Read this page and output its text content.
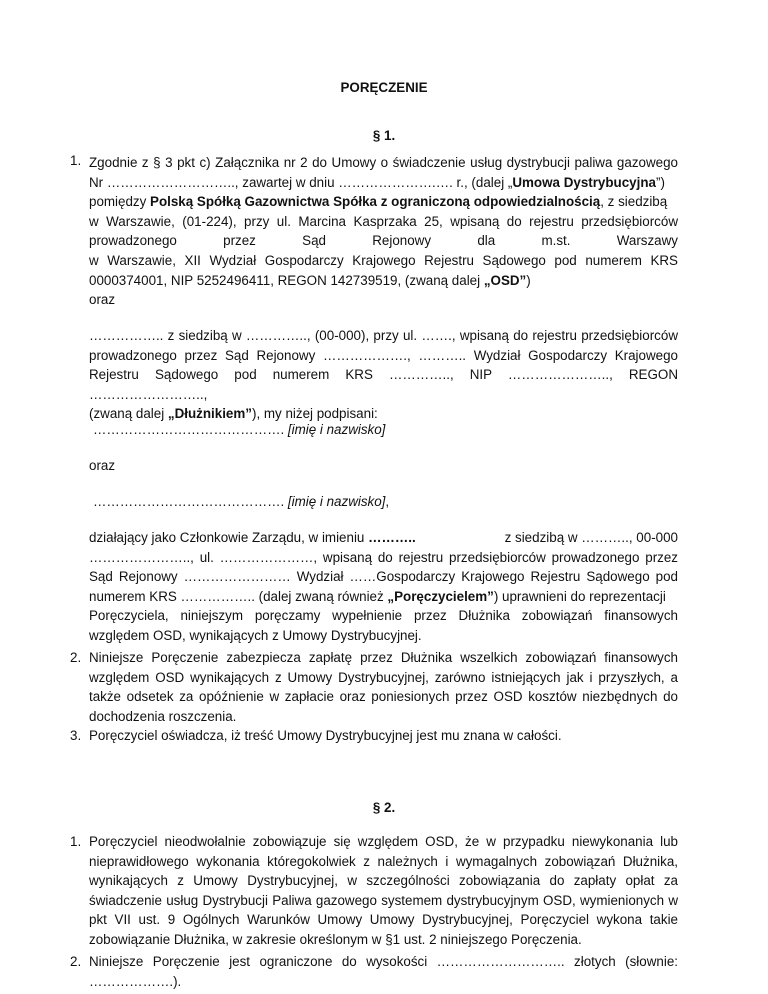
PORĘCZENIE
§ 1.
1. Zgodnie z § 3 pkt c) Załącznika nr 2 do Umowy o świadczenie usług dystrybucji paliwa gazowego
Nr ……………………….., zawartej w dniu ………………….…. r., (dalej „Umowa Dystrybucyjna”)
pomiędzy Polską Spółką Gazownictwa Spółka z ograniczoną odpowiedzialnością, z siedzibą
w Warszawie, (01-224), przy ul. Marcina Kasprzaka 25, wpisaną do rejestru przedsiębiorców
prowadzonego	przez	Sąd	Rejonowy	dla	m.st.	Warszawy
w Warszawie, XII Wydział Gospodarczy Krajowego Rejestru Sądowego pod numerem KRS
0000374001, NIP 5252496411, REGON 142739519, (zwaną dalej „OSD”)
oraz
…………….. z siedzibą w ………….., (00-000), przy ul. ……., wpisaną do rejestru przedsiębiorców
prowadzonego przez Sąd Rejonowy ………………., ……….. Wydział Gospodarczy Krajowego
Rejestru Sądowego pod numerem KRS ………….., NIP ………………….., REGON
……………………..,
(zwaną dalej „Dłużnikiem”), my niżej podpisani:
……………………………………. [imię i nazwisko]
oraz
……………………………………. [imię i nazwisko],
działający jako Członkowie Zarządu, w imieniu ………..	z siedzibą w ……….., 00-000
………………….., ul. …………………, wpisaną do rejestru przedsiębiorców prowadzonego przez
Sąd Rejonowy …………………… Wydział ……Gospodarczy Krajowego Rejestru Sądowego pod
numerem KRS …………….. (dalej zwaną również „Poręczycielem”) uprawnieni do reprezentacji
Poręczyciela, niniejszym poręczamy wypełnienie przez Dłużnika zobowiązań finansowych
względem OSD, wynikających z Umowy Dystrybucyjnej.
2. Niniejsze Poręczenie zabezpiecza zapłatę przez Dłużnika wszelkich zobowiązań finansowych względem OSD wynikających z Umowy Dystrybucyjnej, zarówno istniejących jak i przyszłych, a także odsetek za opóźnienie w zapłacie oraz poniesionych przez OSD kosztów niezbędnych do dochodzenia roszczenia.
3. Poręczyciel oświadcza, iż treść Umowy Dystrybucyjnej jest mu znana w całości.
§ 2.
1. Poręczyciel nieodwołalnie zobowiązuje się względem OSD, że w przypadku niewykonania lub nieprawidłowego wykonania któregokolwiek z należnych i wymagalnych zobowiązań Dłużnika, wynikających z Umowy Dystrybucyjnej, w szczególności zobowiązania do zapłaty opłat za świadczenie usług Dystrybucji Paliwa gazowego systemem dystrybucyjnym OSD, wymienionych w pkt VII ust. 9 Ogólnych Warunków Umowy Umowy Dystrybucyjnej, Poręczyciel wykona takie zobowiązanie Dłużnika, w zakresie określonym w §1 ust. 2 niniejszego Poręczenia.
2. Niniejsze Poręczenie jest ograniczone do wysokości ……………………….. złotych (słownie: ……………….).
